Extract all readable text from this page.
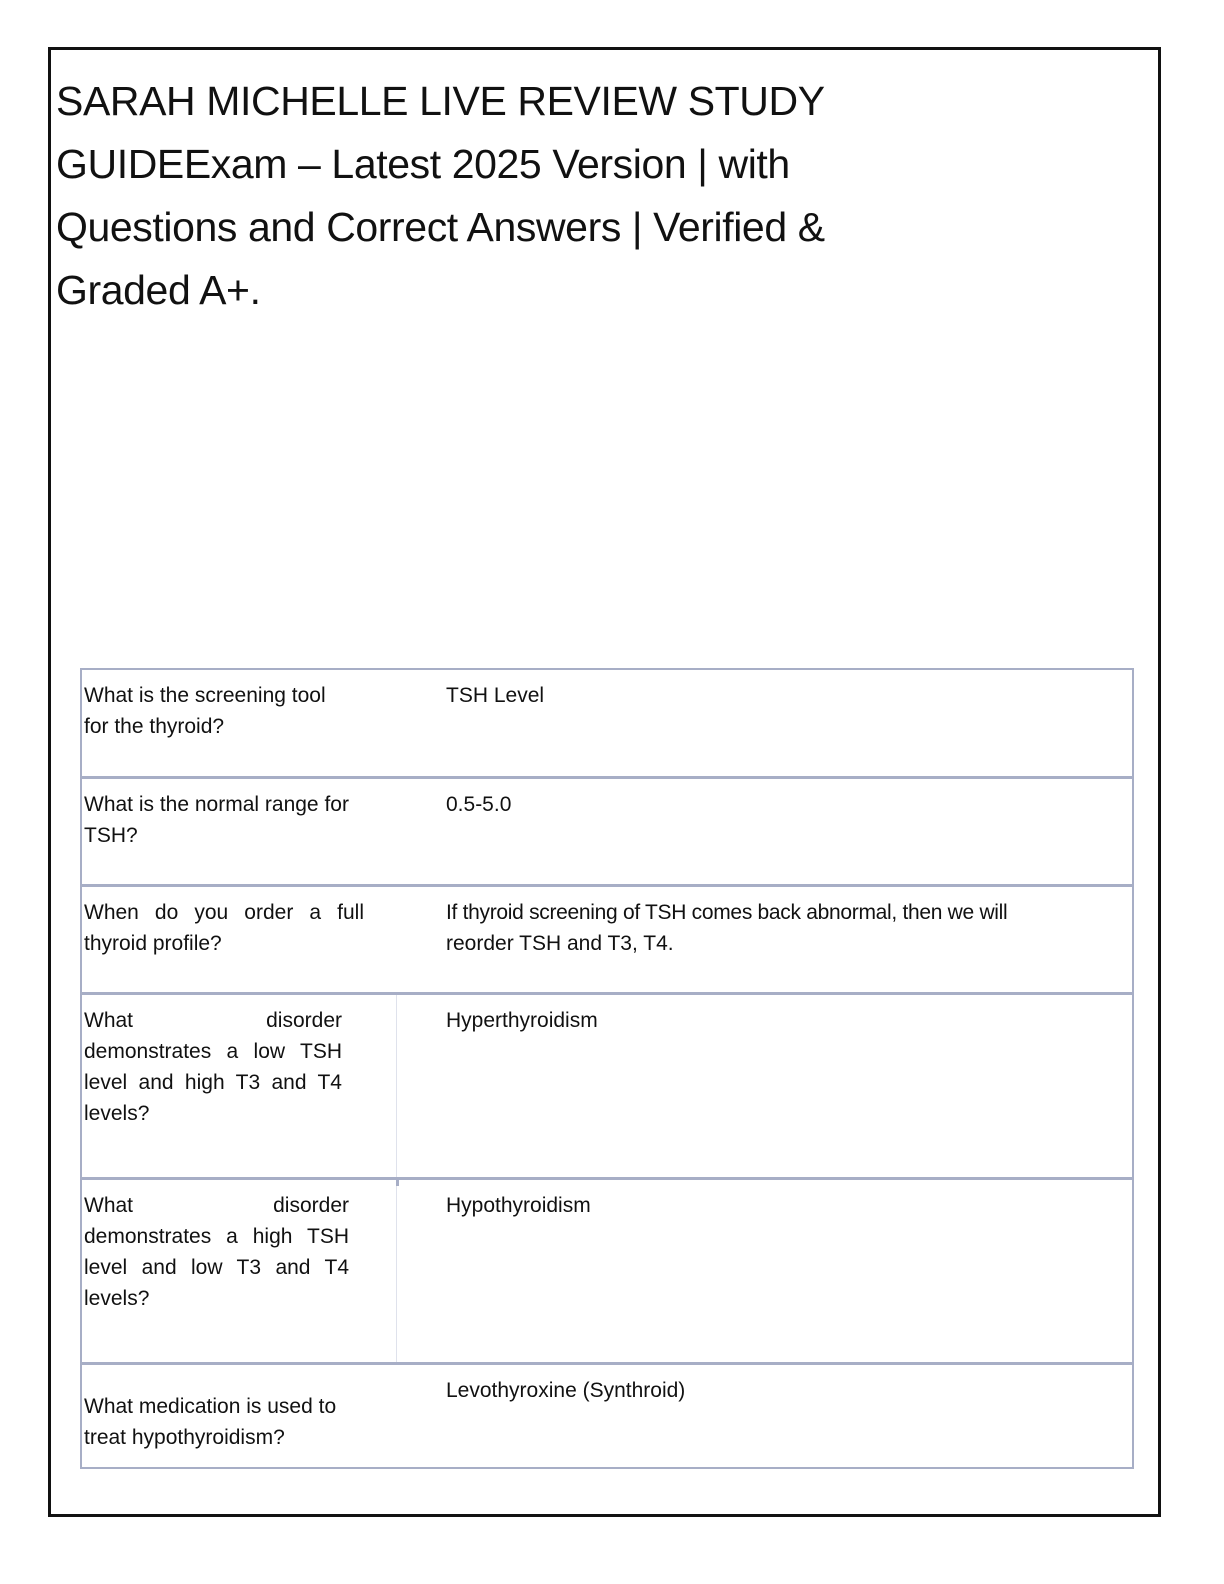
SARAH MICHELLE LIVE REVIEW STUDY
GUIDEExam – Latest 2025 Version | with
Questions and Correct Answers | Verified &
Graded A+.
What is the screening tool
for the thyroid?
TSH Level
What is the normal range for
TSH?
0.5-5.0
When do you order a full
thyroid profile?
If thyroid screening of TSH comes back abnormal, then we will
reorder TSH and T3, T4.
What disorder
demonstrates a low TSH
level and high T3 and T4
levels?
Hyperthyroidism
What disorder
demonstrates a high TSH
level and low T3 and T4
levels?
Hypothyroidism
What medication is used to
treat hypothyroidism?
Levothyroxine (Synthroid)
